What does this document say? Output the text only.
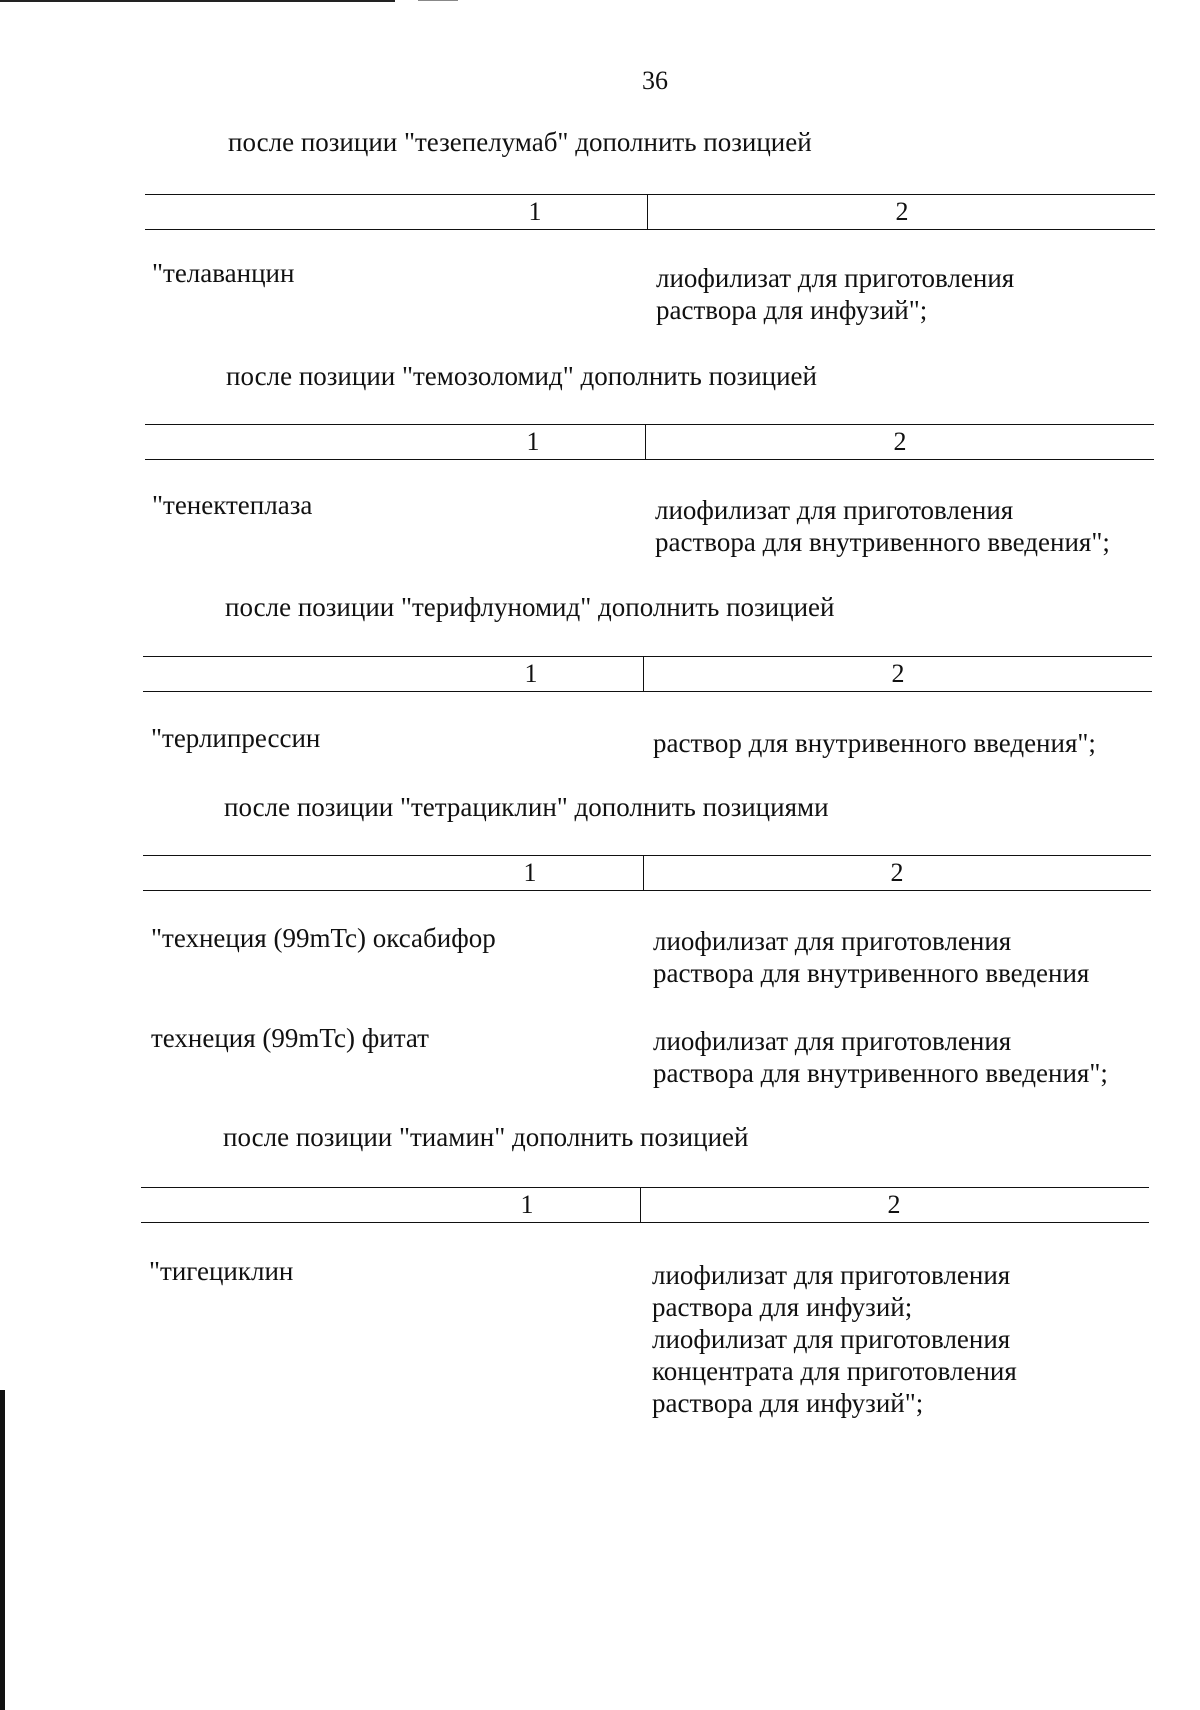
36
после позиции "тезепелумаб" дополнить позицией
1	2
"телаванцин	лиофилизат для приготовления
раствора для инфузий";
после позиции "темозоломид" дополнить позицией
1	2
"тенектеплаза	лиофилизат для приготовления
раствора для внутривенного введения";
после позиции "терифлуномид" дополнить позицией
1	2
"терлипрессин	раствор для внутривенного введения";
после позиции "тетрациклин" дополнить позициями
1	2
"технеция (99mTc) оксабифор	лиофилизат для приготовления
раствора для внутривенного введения
технеция (99mTc) фитат	лиофилизат для приготовления
раствора для внутривенного введения";
после позиции "тиамин" дополнить позицией
1	2
"тигециклин	лиофилизат для приготовления
раствора для инфузий;
лиофилизат для приготовления
концентрата для приготовления
раствора для инфузий";
